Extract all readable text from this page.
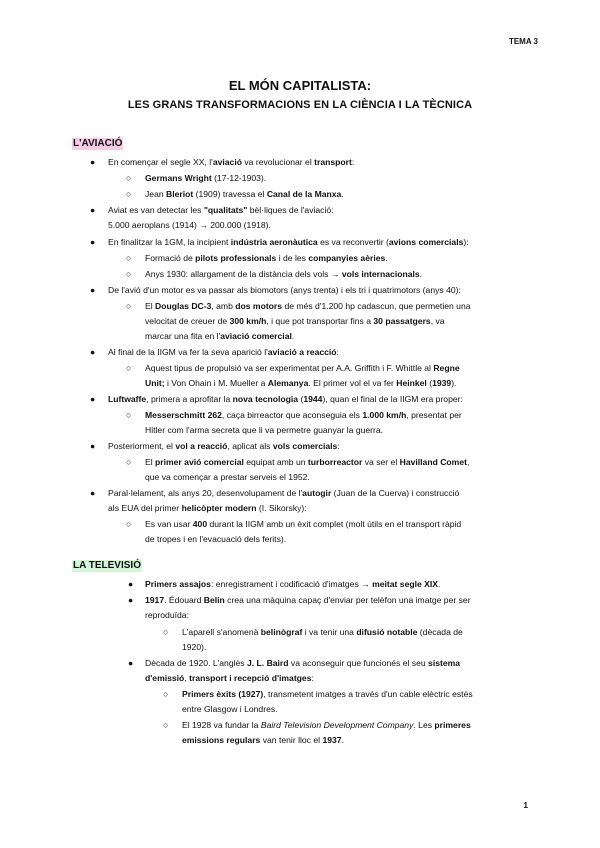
TEMA 3
EL MÓN CAPITALISTA:
LES GRANS TRANSFORMACIONS EN LA CIÈNCIA I LA TÈCNICA
L'AVIACIÓ
● En començar el segle XX, l'aviació va revolucionar el transport:
○ Germans Wright (17-12-1903).
○ Jean Bleriot (1909) travessa el Canal de la Manxa.
● Aviat es van detectar les "qualitats" bèl·liques de l'aviació:
5.000 aeroplans (1914) → 200.000 (1918).
● En finalitzar la 1GM, la incipient indústria aeronàutica es va reconvertir (avions comercials):
○ Formació de pilots professionals i de les companyies aèries.
○ Anys 1930: allargament de la distància dels vols → vols internacionals.
● De l'avió d'un motor es va passar als biomotors (anys trenta) i els tri i quatrimotors (anys 40):
○ El Douglas DC-3, amb dos motors de més d'1.200 hp cadascun, que permetien una
velocitat de creuer de 300 km/h, i que pot transportar fins a 30 passatgers, va
marcar una fita en l'aviació comercial.
● Al final de la IIGM va fer la seva aparició l'aviació a reacció:
○ Aquest tipus de propulsió va ser experimentat per A.A. Griffith i F. Whittle al Regne
Unit; i Von Ohain i M. Mueller a Alemanya. El primer vol el va fer Heinkel (1939).
● Luftwaffe, primera a aprofitar la nova tecnologia (1944), quan el final de la IIGM era proper:
○ Messerschmitt 262, caça birreactor que aconseguia els 1.000 km/h, presentat per
Hitler com l'arma secreta que li va permetre guanyar la guerra.
● Posteriorment, el vol a reacció, aplicat als vols comercials:
○ El primer avió comercial equipat amb un turborreactor va ser el Havilland Comet,
que va començar a prestar serveis el 1952.
● Paral·lelament, als anys 20, desenvolupament de l'autogir (Juan de la Cuerva) i construcció
als EUA del primer helicòpter modern (I. Sikorsky):
○ Es van usar 400 durant la IIGM amb un èxit complet (molt útils en el transport ràpid
de tropes i en l'evacuació dels ferits).
LA TELEVISIÓ
● Primers assajos: enregistrament i codificació d'imatges → meitat segle XIX.
● 1917. Édouard Belin crea una màquina capaç d'enviar per telèfon una imatge per ser
reproduïda:
○ L'aparell s'anomenà belinògraf i va tenir una difusió notable (dècada de
1920).
● Dècada de 1920. L'anglès J. L. Baird va aconseguir que funcionés el seu sistema
d'emissió, transport i recepció d'imatges:
○ Primers èxits (1927), transmetent imatges a través d'un cable elèctric estès
entre Glasgow i Londres.
○ El 1928 va fundar la Baird Television Development Company. Les primeres
emissions regulars van tenir lloc el 1937.
1
